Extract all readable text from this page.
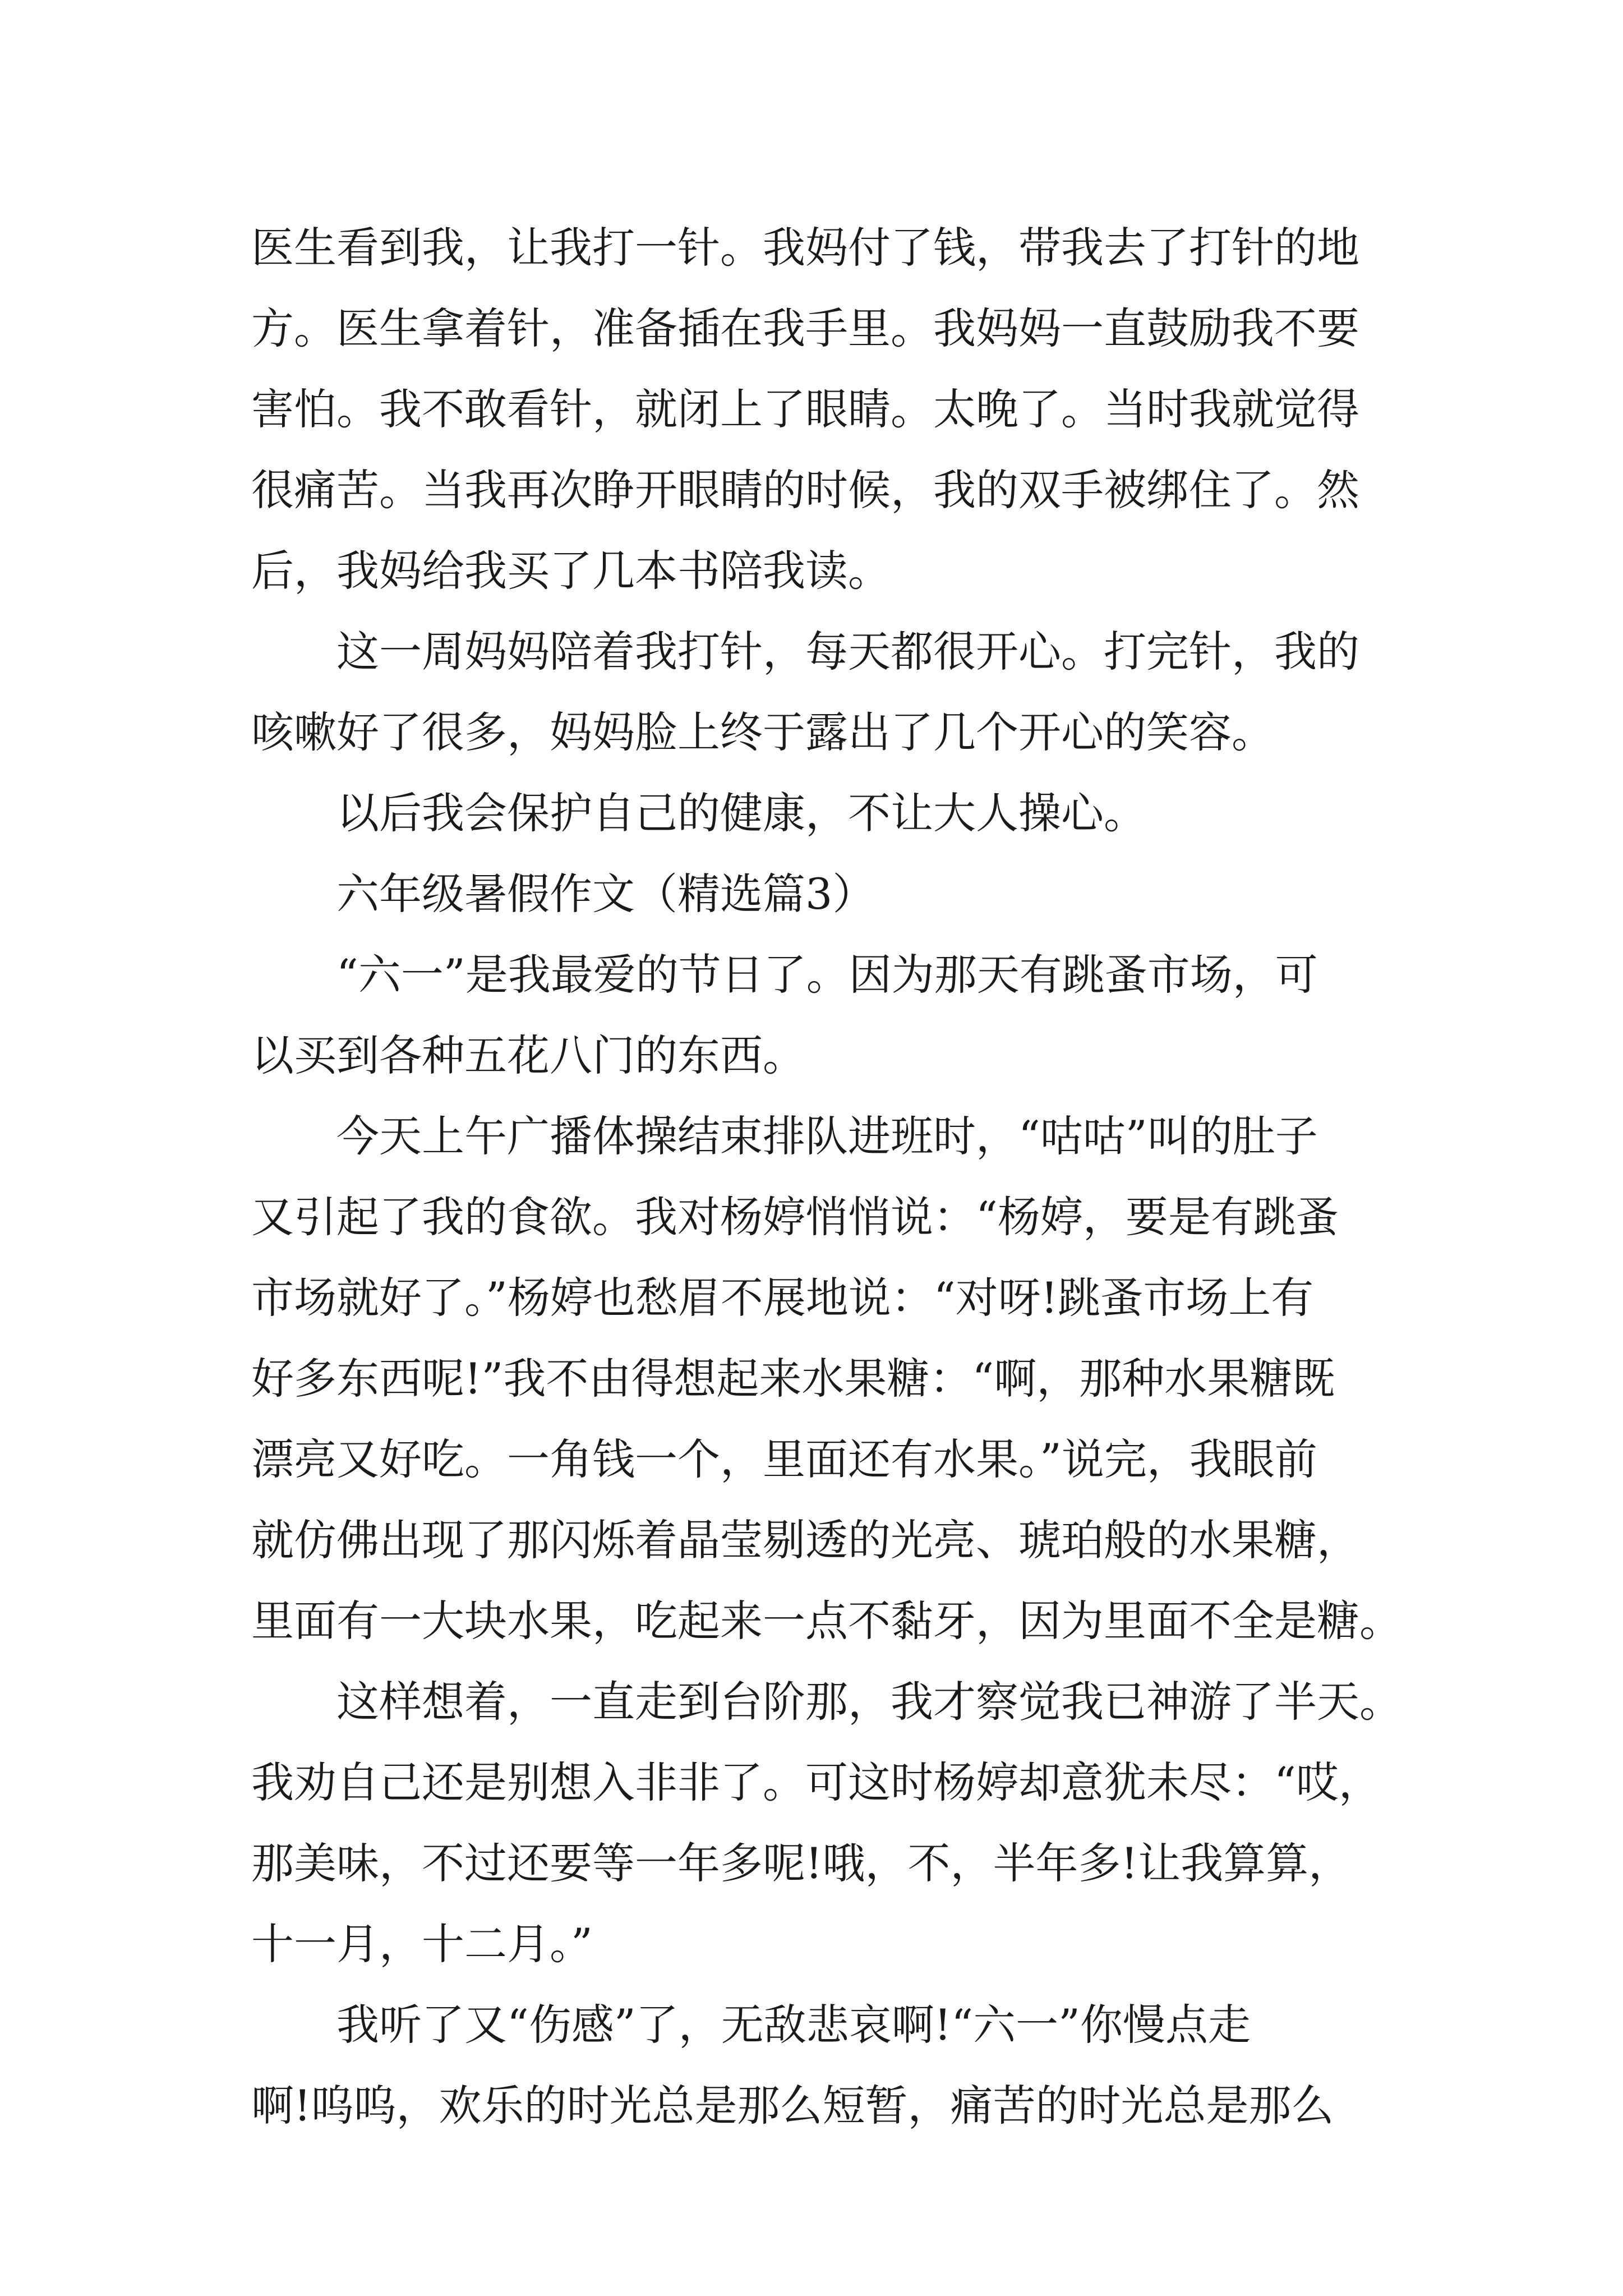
医生看到我，让我打一针。我妈付了钱，带我去了打针的地
方。医生拿着针，准备插在我手里。我妈妈一直鼓励我不要
害怕。我不敢看针，就闭上了眼睛。太晚了。当时我就觉得
很痛苦。当我再次睁开眼睛的时候，我的双手被绑住了。然
后，我妈给我买了几本书陪我读。
这一周妈妈陪着我打针，每天都很开心。打完针，我的
咳嗽好了很多，妈妈脸上终于露出了几个开心的笑容。
以后我会保护自己的健康，不让大人操心。
六年级暑假作文（精选篇3）
“六一”是我最爱的节日了。因为那天有跳蚤市场，可
以买到各种五花八门的东西。
今天上午广播体操结束排队进班时，“咕咕”叫的肚子
又引起了我的食欲。我对杨婷悄悄说：“杨婷，要是有跳蚤
市场就好了。”杨婷也愁眉不展地说：“对呀!跳蚤市场上有
好多东西呢!”我不由得想起来水果糖：“啊，那种水果糖既
漂亮又好吃。一角钱一个，里面还有水果。”说完，我眼前
就仿佛出现了那闪烁着晶莹剔透的光亮、琥珀般的水果糖，
里面有一大块水果，吃起来一点不黏牙，因为里面不全是糖。
这样想着，一直走到台阶那，我才察觉我已神游了半天。
我劝自己还是别想入非非了。可这时杨婷却意犹未尽：“哎，
那美味，不过还要等一年多呢!哦，不，半年多!让我算算，
十一月，十二月。”
我听了又“伤感”了，无敌悲哀啊!“六一”你慢点走
啊!呜呜，欢乐的时光总是那么短暂，痛苦的时光总是那么
